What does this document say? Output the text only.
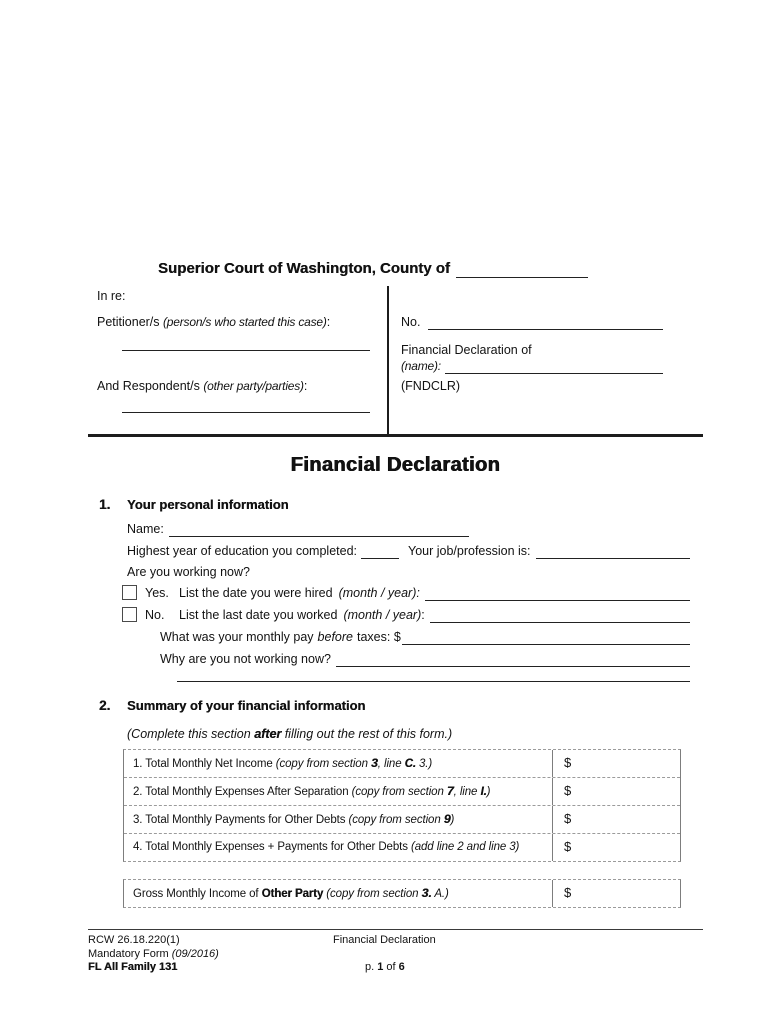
Superior Court of Washington, County of
In re:
Petitioner/s (person/s who started this case):
And Respondent/s (other party/parties):
No.
Financial Declaration of
(name):
(FNDCLR)
Financial Declaration
1.	Your personal information
Name:
Highest year of education you completed:	Your job/profession is:
Are you working now?
Yes. List the date you were hired (month / year):
No.	List the last date you worked (month / year) :
What was your monthly pay before taxes: $
Why are you not working now?
2.	Summary of your financial information
(Complete this section after filling out the rest of this form.)
1. Total Monthly Net Income (copy from section 3, line C. 3.)	$
2. Total Monthly Expenses After Separation (copy from section 7, line I.)	$
3. Total Monthly Payments for Other Debts (copy from section 9)	$
4. Total Monthly Expenses + Payments for Other Debts (add line 2 and line 3)	$
Gross Monthly Income of Other Party (copy from section 3. A.)	$
RCW 26.18.220(1)
Mandatory Form (09/2016)
FL All Family 131
Financial Declaration

p. 1 of 6
